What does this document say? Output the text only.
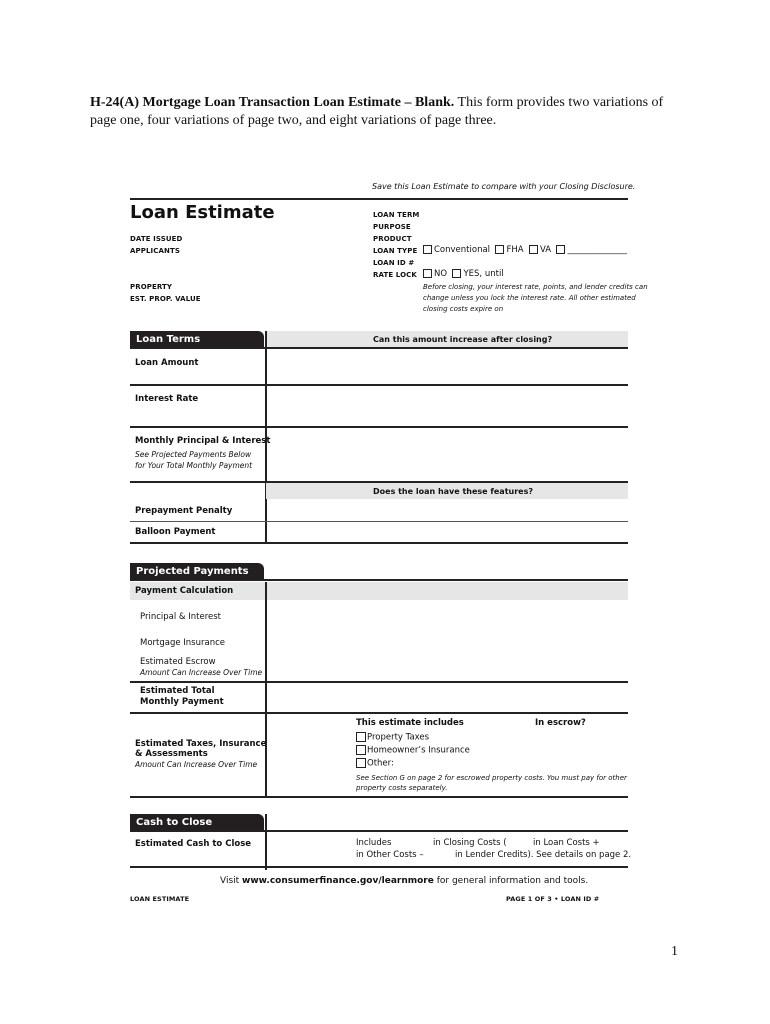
H-24(A) Mortgage Loan Transaction Loan Estimate – Blank. This form provides two variations of page one, four variations of page two, and eight variations of page three.
Save this Loan Estimate to compare with your Closing Disclosure.
Loan Estimate
DATE ISSUED
APPLICANTS
PROPERTY
EST. PROP. VALUE
LOAN TERM
PURPOSE
PRODUCT
LOAN TYPE	Conventional FHA VA ______________
LOAN ID #
RATE LOCK	NO YES, until
Before closing, your interest rate, points, and lender credits can
change unless you lock the interest rate. All other estimated
closing costs expire on
Loan Terms	Can this amount increase after closing?
Loan Amount
Interest Rate
Monthly Principal & Interest
See Projected Payments Below
for Your Total Monthly Payment
Does the loan have these features?
Prepayment Penalty
Balloon Payment
Projected Payments
Payment Calculation
Principal & Interest
Mortgage Insurance
Estimated Escrow
Amount Can Increase Over Time
Estimated Total
Monthly Payment
Estimated Taxes, Insurance
& Assessments
Amount Can Increase Over Time
This estimate includes	In escrow?
Property Taxes
Homeowner’s Insurance
Other:
See Section G on page 2 for escrowed property costs. You must pay for other
property costs separately.
Cash to Close
Estimated Cash to Close	Includes	in Closing Costs (	in Loan Costs +
in Other Costs –	in Lender Credits). See details on page 2.
Visit www.consumerfinance.gov/learnmore for general information and tools.
LOAN ESTIMATE	PAGE 1 OF 3 • LOAN ID #
1
